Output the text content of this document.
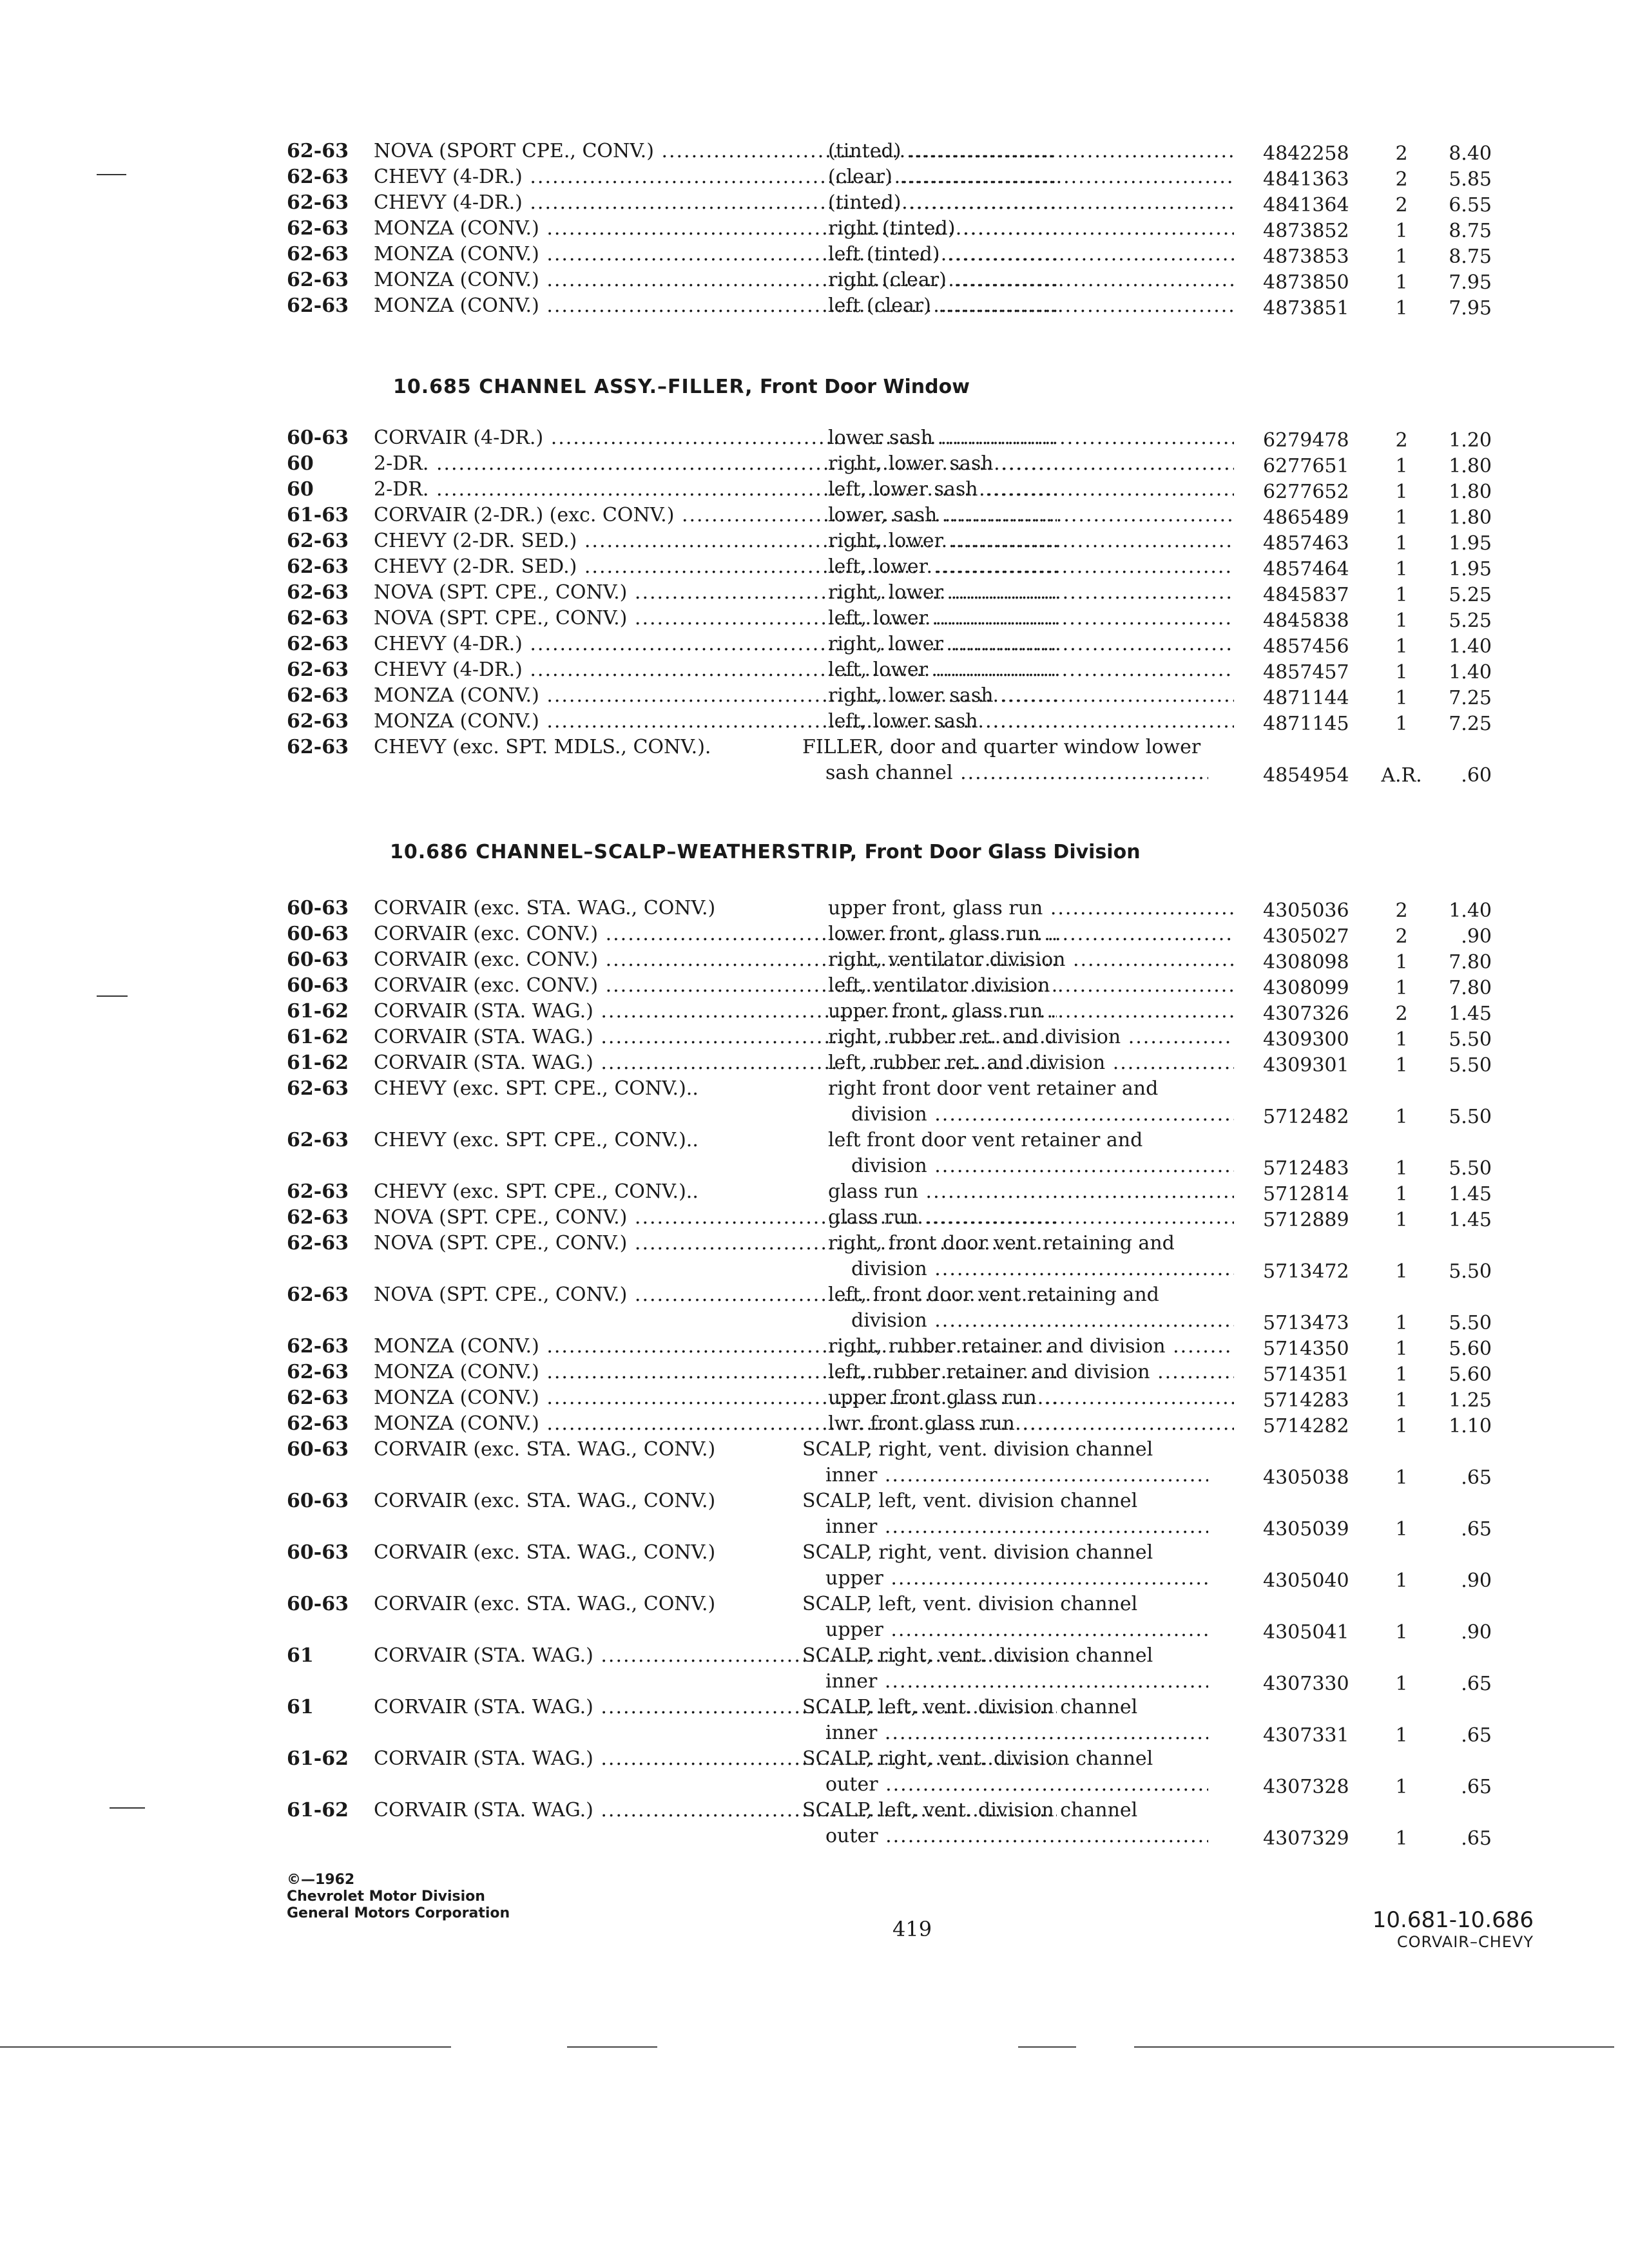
62-63 NOVA (SPORT CPE., CONV.) .....	(tinted) .....	4842258	2	8.40
62-63 CHEVY (4-DR.) .....	(clear) .....	4841363	2	5.85
62-63 CHEVY (4-DR.) .....	(tinted) .....	4841364	2	6.55
62-63 MONZA (CONV.) .....	right (tinted) .....	4873852	1	8.75
62-63 MONZA (CONV.) .....	left (tinted) .....	4873853	1	8.75
62-63 MONZA (CONV.) .....	right (clear) .....	4873850	1	7.95
62-63 MONZA (CONV.) .....	left (clear) .....	4873851	1	7.95
10.685 CHANNEL ASSY.–FILLER, Front Door Window
60-63 CORVAIR (4-DR.) .....	lower sash .....	6279478	2	1.20
60	2-DR. .....	right, lower sash .....	6277651	1	1.80
60	2-DR. .....	left, lower sash .....	6277652	1	1.80
61-63 CORVAIR (2-DR.) (exc. CONV.) .....	lower, sash .....	4865489	1	1.80
62-63 CHEVY (2-DR. SED.) .....	right, lower .....	4857463	1	1.95
62-63 CHEVY (2-DR. SED.) .....	left, lower .....	4857464	1	1.95
62-63 NOVA (SPT. CPE., CONV.) .....	right, lower .....	4845837	1	5.25
62-63 NOVA (SPT. CPE., CONV.) .....	left, lower .....	4845838	1	5.25
62-63 CHEVY (4-DR.) .....	right, lower .....	4857456	1	1.40
62-63 CHEVY (4-DR.) .....	left, lower .....	4857457	1	1.40
62-63 MONZA (CONV.) .....	right, lower sash .....	4871144	1	7.25
62-63 MONZA (CONV.) .....	left, lower sash .....	4871145	1	7.25
62-63 CHEVY (exc. SPT. MDLS., CONV.).	FILLER, door and quarter window lower
sash channel .....	4854954	A.R.	.60
10.686 CHANNEL–SCALP–WEATHERSTRIP, Front Door Glass Division
60-63 CORVAIR (exc. STA. WAG., CONV.)	upper front, glass run .....	4305036	2	1.40
60-63 CORVAIR (exc. CONV.) .....	lower front, glass run .....	4305027	2	.90
60-63 CORVAIR (exc. CONV.) .....	right, ventilator division .....	4308098	1	7.80
60-63 CORVAIR (exc. CONV.) .....	left, ventilator division .....	4308099	1	7.80
61-62 CORVAIR (STA. WAG.) .....	upper front, glass run .....	4307326	2	1.45
61-62 CORVAIR (STA. WAG.) .....	right, rubber ret. and division .....	4309300	1	5.50
61-62 CORVAIR (STA. WAG.) .....	left, rubber ret. and division .....	4309301	1	5.50
62-63 CHEVY (exc. SPT. CPE., CONV.)..	right front door vent retainer and
division .....	5712482	1	5.50
62-63 CHEVY (exc. SPT. CPE., CONV.)..	left front door vent retainer and
division .....	5712483	1	5.50
62-63 CHEVY (exc. SPT. CPE., CONV.)..	glass run .....	5712814	1	1.45
62-63 NOVA (SPT. CPE., CONV.) .....	glass run .....	5712889	1	1.45
62-63 NOVA (SPT. CPE., CONV.) .....	right, front door vent retaining and
division .....	5713472	1	5.50
62-63 NOVA (SPT. CPE., CONV.) .....	left, front door vent retaining and
division .....	5713473	1	5.50
62-63 MONZA (CONV.) .....	right, rubber retainer and division .....	5714350	1	5.60
62-63 MONZA (CONV.) .....	left, rubber retainer and division .....	5714351	1	5.60
62-63 MONZA (CONV.) .....	upper front glass run .....	5714283	1	1.25
62-63 MONZA (CONV.) .....	lwr. front glass run .....	5714282	1	1.10
60-63 CORVAIR (exc. STA. WAG., CONV.)	SCALP, right, vent. division channel
inner .....	4305038	1	.65
60-63 CORVAIR (exc. STA. WAG., CONV.)	SCALP, left, vent. division channel
inner .....	4305039	1	.65
60-63 CORVAIR (exc. STA. WAG., CONV.)	SCALP, right, vent. division channel
upper .....	4305040	1	.90
60-63 CORVAIR (exc. STA. WAG., CONV.)	SCALP, left, vent. division channel
upper .....	4305041	1	.90
61	CORVAIR (STA. WAG.) .....	SCALP, right, vent. division channel
inner .....	4307330	1	.65
61	CORVAIR (STA. WAG.) .....	SCALP, left, vent. division channel
inner .....	4307331	1	.65
61-62 CORVAIR (STA. WAG.) .....	SCALP, right, vent. division channel
outer .....	4307328	1	.65
61-62 CORVAIR (STA. WAG.) .....	SCALP, left, vent. division channel
outer .....	4307329	1	.65
©—1962
Chevrolet Motor Division
General Motors Corporation
419	10.681-10.686
CORVAIR–CHEVY
